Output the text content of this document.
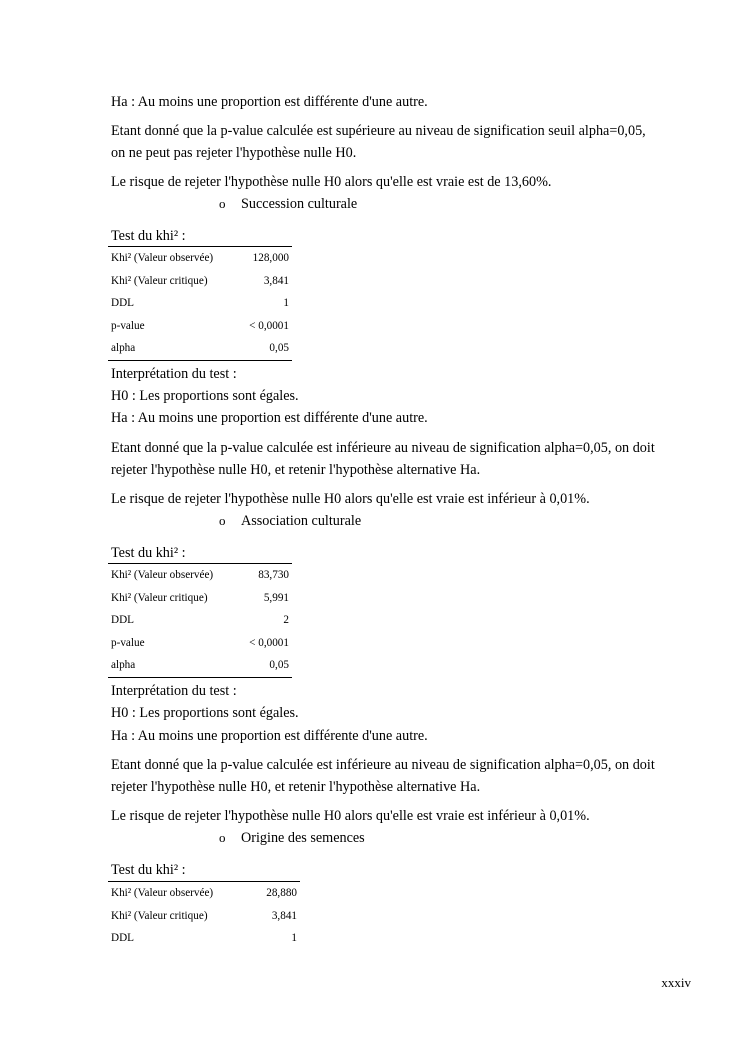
Ha : Au moins une proportion est différente d'une autre.
Etant donné que la p-value calculée est supérieure au niveau de signification seuil alpha=0,05,
on ne peut pas rejeter l'hypothèse nulle H0.
Le risque de rejeter l'hypothèse nulle H0 alors qu'elle est vraie est de 13,60%.
o Succession culturale
Test du khi² :
Khi² (Valeur observée)	128,000
Khi² (Valeur critique)	3,841
DDL	1
p-value	< 0,0001
alpha	0,05
Interprétation du test :
H0 : Les proportions sont égales.
Ha : Au moins une proportion est différente d'une autre.
Etant donné que la p-value calculée est inférieure au niveau de signification alpha=0,05, on doit
rejeter l'hypothèse nulle H0, et retenir l'hypothèse alternative Ha.
Le risque de rejeter l'hypothèse nulle H0 alors qu'elle est vraie est inférieur à 0,01%.
o Association culturale
Test du khi² :
Khi² (Valeur observée)	83,730
Khi² (Valeur critique)	5,991
DDL	2
p-value	< 0,0001
alpha	0,05
Interprétation du test :
H0 : Les proportions sont égales.
Ha : Au moins une proportion est différente d'une autre.
Etant donné que la p-value calculée est inférieure au niveau de signification alpha=0,05, on doit
rejeter l'hypothèse nulle H0, et retenir l'hypothèse alternative Ha.
Le risque de rejeter l'hypothèse nulle H0 alors qu'elle est vraie est inférieur à 0,01%.
o Origine des semences
Test du khi² :
Khi² (Valeur observée)	28,880
Khi² (Valeur critique)	3,841
DDL	1
xxxiv
